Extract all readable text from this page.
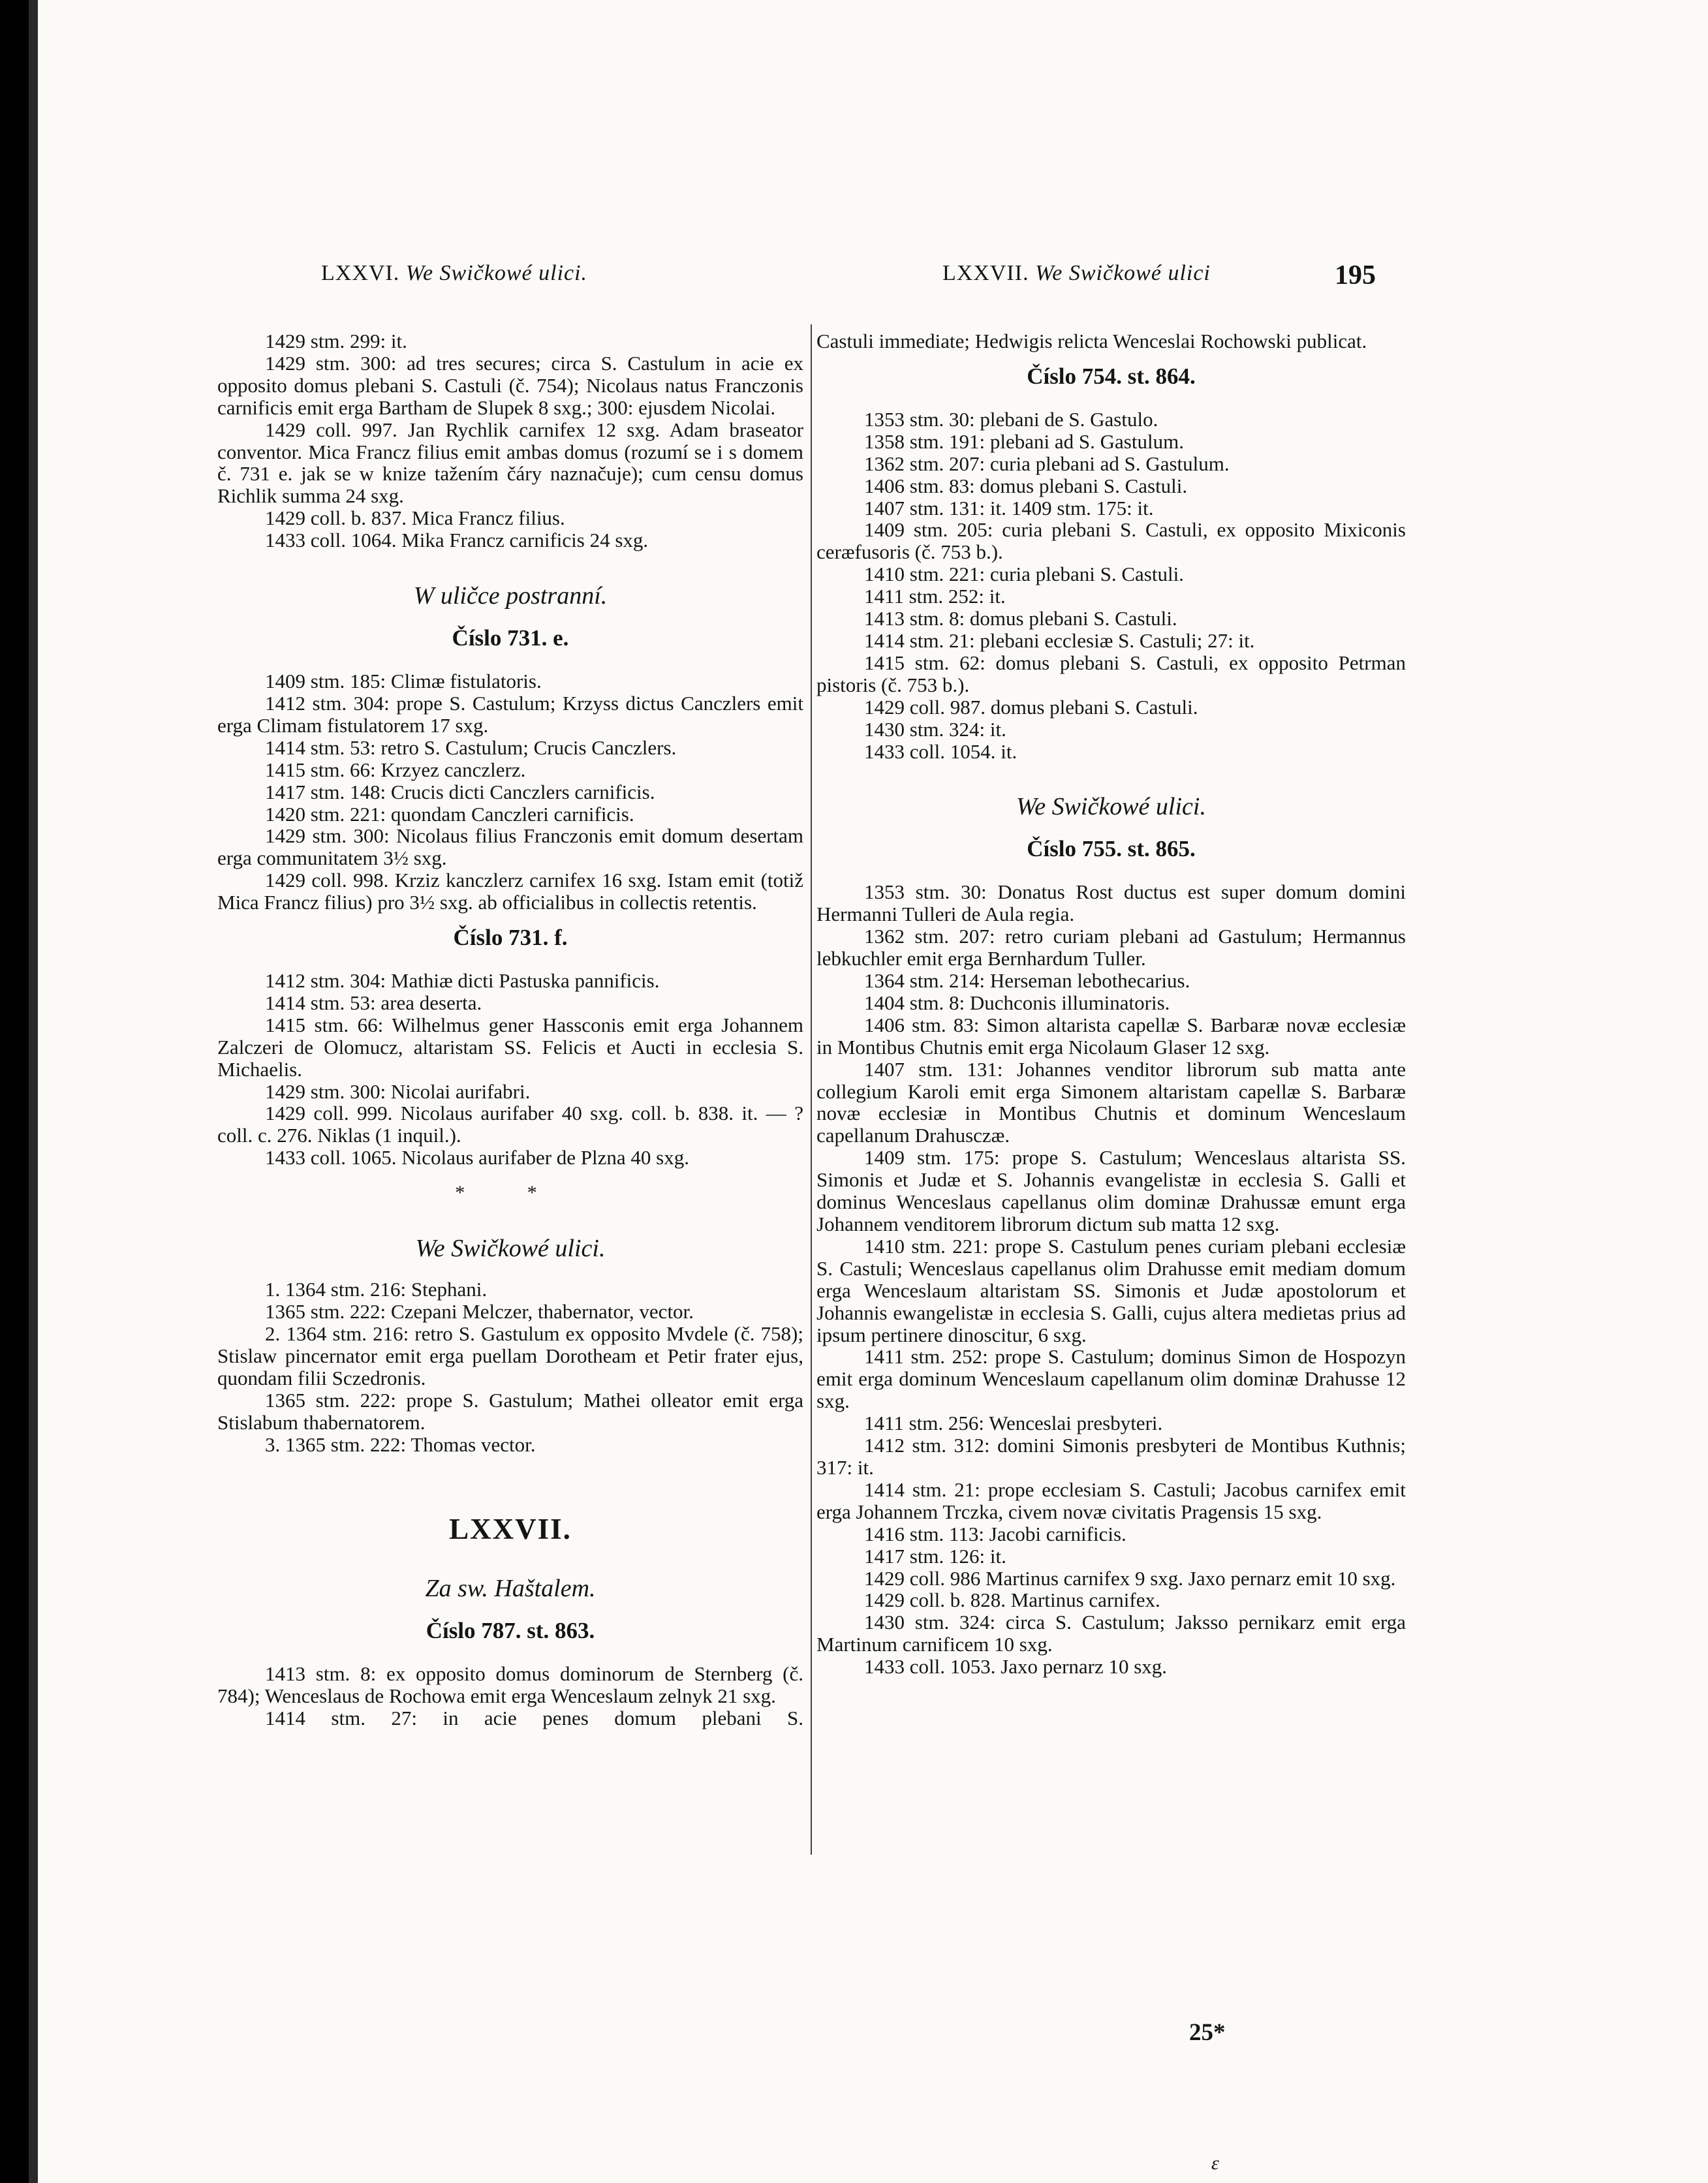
LXXVI. We Swičkowé ulici.	LXXVII. We Swičkowé ulici	195

1429 stm. 299: it.

1429 stm. 300: ad tres secures; circa S. Castulum in acie ex opposito domus plebani S. Castuli (č. 754); Nicolaus natus Franczonis carnificis emit erga Bartham de Slupek 8 sxg.; 300: ejusdem Nicolai.

1429 coll. 997. Jan Rychlik carnifex 12 sxg. Adam braseator conventor. Mica Francz filius emit ambas domus (rozumí se i s domem č. 731 e. jak se w knize tažením čáry naznačuje); cum censu domus Richlik summa 24 sxg.

1429 coll. b. 837. Mica Francz filius.

1433 coll. 1064. Mika Francz carnificis 24 sxg.

W uličce postranní.
Číslo 731. e.

1409 stm. 185: Climæ fistulatoris.

1412 stm. 304: prope S. Castulum; Krzyss dictus Canczlers emit erga Climam fistulatorem 17 sxg.

1414 stm. 53: retro S. Castulum; Crucis Canczlers.

1415 stm. 66: Krzyez canczlerz.

1417 stm. 148: Crucis dicti Canczlers carnificis.

1420 stm. 221: quondam Canczleri carnificis.

1429 stm. 300: Nicolaus filius Franczonis emit domum desertam erga communitatem 3½ sxg.

1429 coll. 998. Krziz kanczlerz carnifex 16 sxg. Istam emit (totiž Mica Francz filius) pro 3½ sxg. ab officialibus in collectis retentis.

Číslo 731. f.

1412 stm. 304: Mathiæ dicti Pastuska pannificis.

1414 stm. 53: area deserta.

1415 stm. 66: Wilhelmus gener Hassconis emit erga Johannem Zalczeri de Olomucz, altaristam SS. Felicis et Aucti in ecclesia S. Michaelis.

1429 stm. 300: Nicolai aurifabri.

1429 coll. 999. Nicolaus aurifaber 40 sxg. coll. b. 838. it. — ? coll. c. 276. Niklas (1 inquil.).

1433 coll. 1065. Nicolaus aurifaber de Plzna 40 sxg.

* *
We Swičkowé ulici.

1. 1364 stm. 216: Stephani.

1365 stm. 222: Czepani Melczer, thabernator, vector.

2. 1364 stm. 216: retro S. Gastulum ex opposito Mvdele (č. 758); Stislaw pincernator emit erga puellam Dorotheam et Petir frater ejus, quondam filii Sczedronis.

1365 stm. 222: prope S. Gastulum; Mathei olleator emit erga Stislabum thabernatorem.

3. 1365 stm. 222: Thomas vector.

LXXVII.
Za sw. Haštalem.
Číslo 787. st. 863.

1413 stm. 8: ex opposito domus dominorum de Sternberg (č. 784); Wenceslaus de Rochowa emit erga Wenceslaum zelnyk 21 sxg.

1414 stm. 27: in acie penes domum plebani S.

Castuli immediate; Hedwigis relicta Wenceslai Rochowski publicat.

Číslo 754. st. 864.

1353 stm. 30: plebani de S. Gastulo.

1358 stm. 191: plebani ad S. Gastulum.

1362 stm. 207: curia plebani ad S. Gastulum.

1406 stm. 83: domus plebani S. Castuli.

1407 stm. 131: it. 1409 stm. 175: it.

1409 stm. 205: curia plebani S. Castuli, ex opposito Mixiconis ceræfusoris (č. 753 b.).

1410 stm. 221: curia plebani S. Castuli.

1411 stm. 252: it.

1413 stm. 8: domus plebani S. Castuli.

1414 stm. 21: plebani ecclesiæ S. Castuli; 27: it.

1415 stm. 62: domus plebani S. Castuli, ex opposito Petrman pistoris (č. 753 b.).

1429 coll. 987. domus plebani S. Castuli.

1430 stm. 324: it.

1433 coll. 1054. it.

We Swičkowé ulici.
Číslo 755. st. 865.

1353 stm. 30: Donatus Rost ductus est super domum domini Hermanni Tulleri de Aula regia.

1362 stm. 207: retro curiam plebani ad Gastulum; Hermannus lebkuchler emit erga Bernhardum Tuller.

1364 stm. 214: Herseman lebothecarius.

1404 stm. 8: Duchconis illuminatoris.

1406 stm. 83: Simon altarista capellæ S. Barbaræ novæ ecclesiæ in Montibus Chutnis emit erga Nicolaum Glaser 12 sxg.

1407 stm. 131: Johannes venditor librorum sub matta ante collegium Karoli emit erga Simonem altaristam capellæ S. Barbaræ novæ ecclesiæ in Montibus Chutnis et dominum Wenceslaum capellanum Drahusczæ.

1409 stm. 175: prope S. Castulum; Wenceslaus altarista SS. Simonis et Judæ et S. Johannis evangelistæ in ecclesia S. Galli et dominus Wenceslaus capellanus olim dominæ Drahussæ emunt erga Johannem venditorem librorum dictum sub matta 12 sxg.

1410 stm. 221: prope S. Castulum penes curiam plebani ecclesiæ S. Castuli; Wenceslaus capellanus olim Drahusse emit mediam domum erga Wenceslaum altaristam SS. Simonis et Judæ apostolorum et Johannis ewangelistæ in ecclesia S. Galli, cujus altera medietas prius ad ipsum pertinere dinoscitur, 6 sxg.

1411 stm. 252: prope S. Castulum; dominus Simon de Hospozyn emit erga dominum Wenceslaum capellanum olim dominæ Drahusse 12 sxg.

1411 stm. 256: Wenceslai presbyteri.

1412 stm. 312: domini Simonis presbyteri de Montibus Kuthnis; 317: it.

1414 stm. 21: prope ecclesiam S. Castuli; Jacobus carnifex emit erga Johannem Trczka, civem novæ civitatis Pragensis 15 sxg.

1416 stm. 113: Jacobi carnificis.

1417 stm. 126: it.

1429 coll. 986 Martinus carnifex 9 sxg. Jaxo pernarz emit 10 sxg.

1429 coll. b. 828. Martinus carnifex.

1430 stm. 324: circa S. Castulum; Jaksso pernikarz emit erga Martinum carnificem 10 sxg.

1433 coll. 1053. Jaxo pernarz 10 sxg.

25*
ɛ
